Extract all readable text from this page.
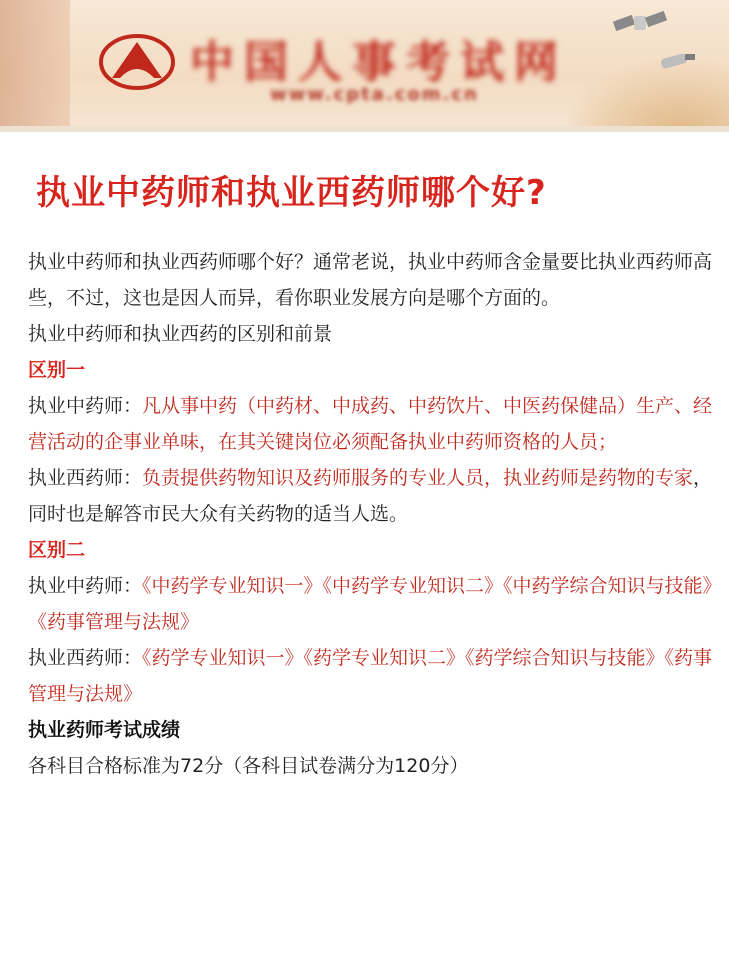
中国人事考试网
www.cpta.com.cn
执业中药师和执业西药师哪个好?

执业中药师和执业西药师哪个好？通常老说，执业中药师含金量要比执业西药师高些，不过，这也是因人而异，看你职业发展方向是哪个方面的。

执业中药师和执业西药的区别和前景

区别一

执业中药师：凡从事中药（中药材、中成药、中药饮片、中医药保健品）生产、经营活动的企事业单味，在其关键岗位必须配备执业中药师资格的人员；

执业西药师：负责提供药物知识及药师服务的专业人员，执业药师是药物的专家，同时也是解答市民大众有关药物的适当人选。

区别二

执业中药师：《中药学专业知识一》《中药学专业知识二》《中药学综合知识与技能》《药事管理与法规》

执业西药师：《药学专业知识一》《药学专业知识二》《药学综合知识与技能》《药事管理与法规》

执业药师考试成绩

各科目合格标准为72分（各科目试卷满分为120分）
